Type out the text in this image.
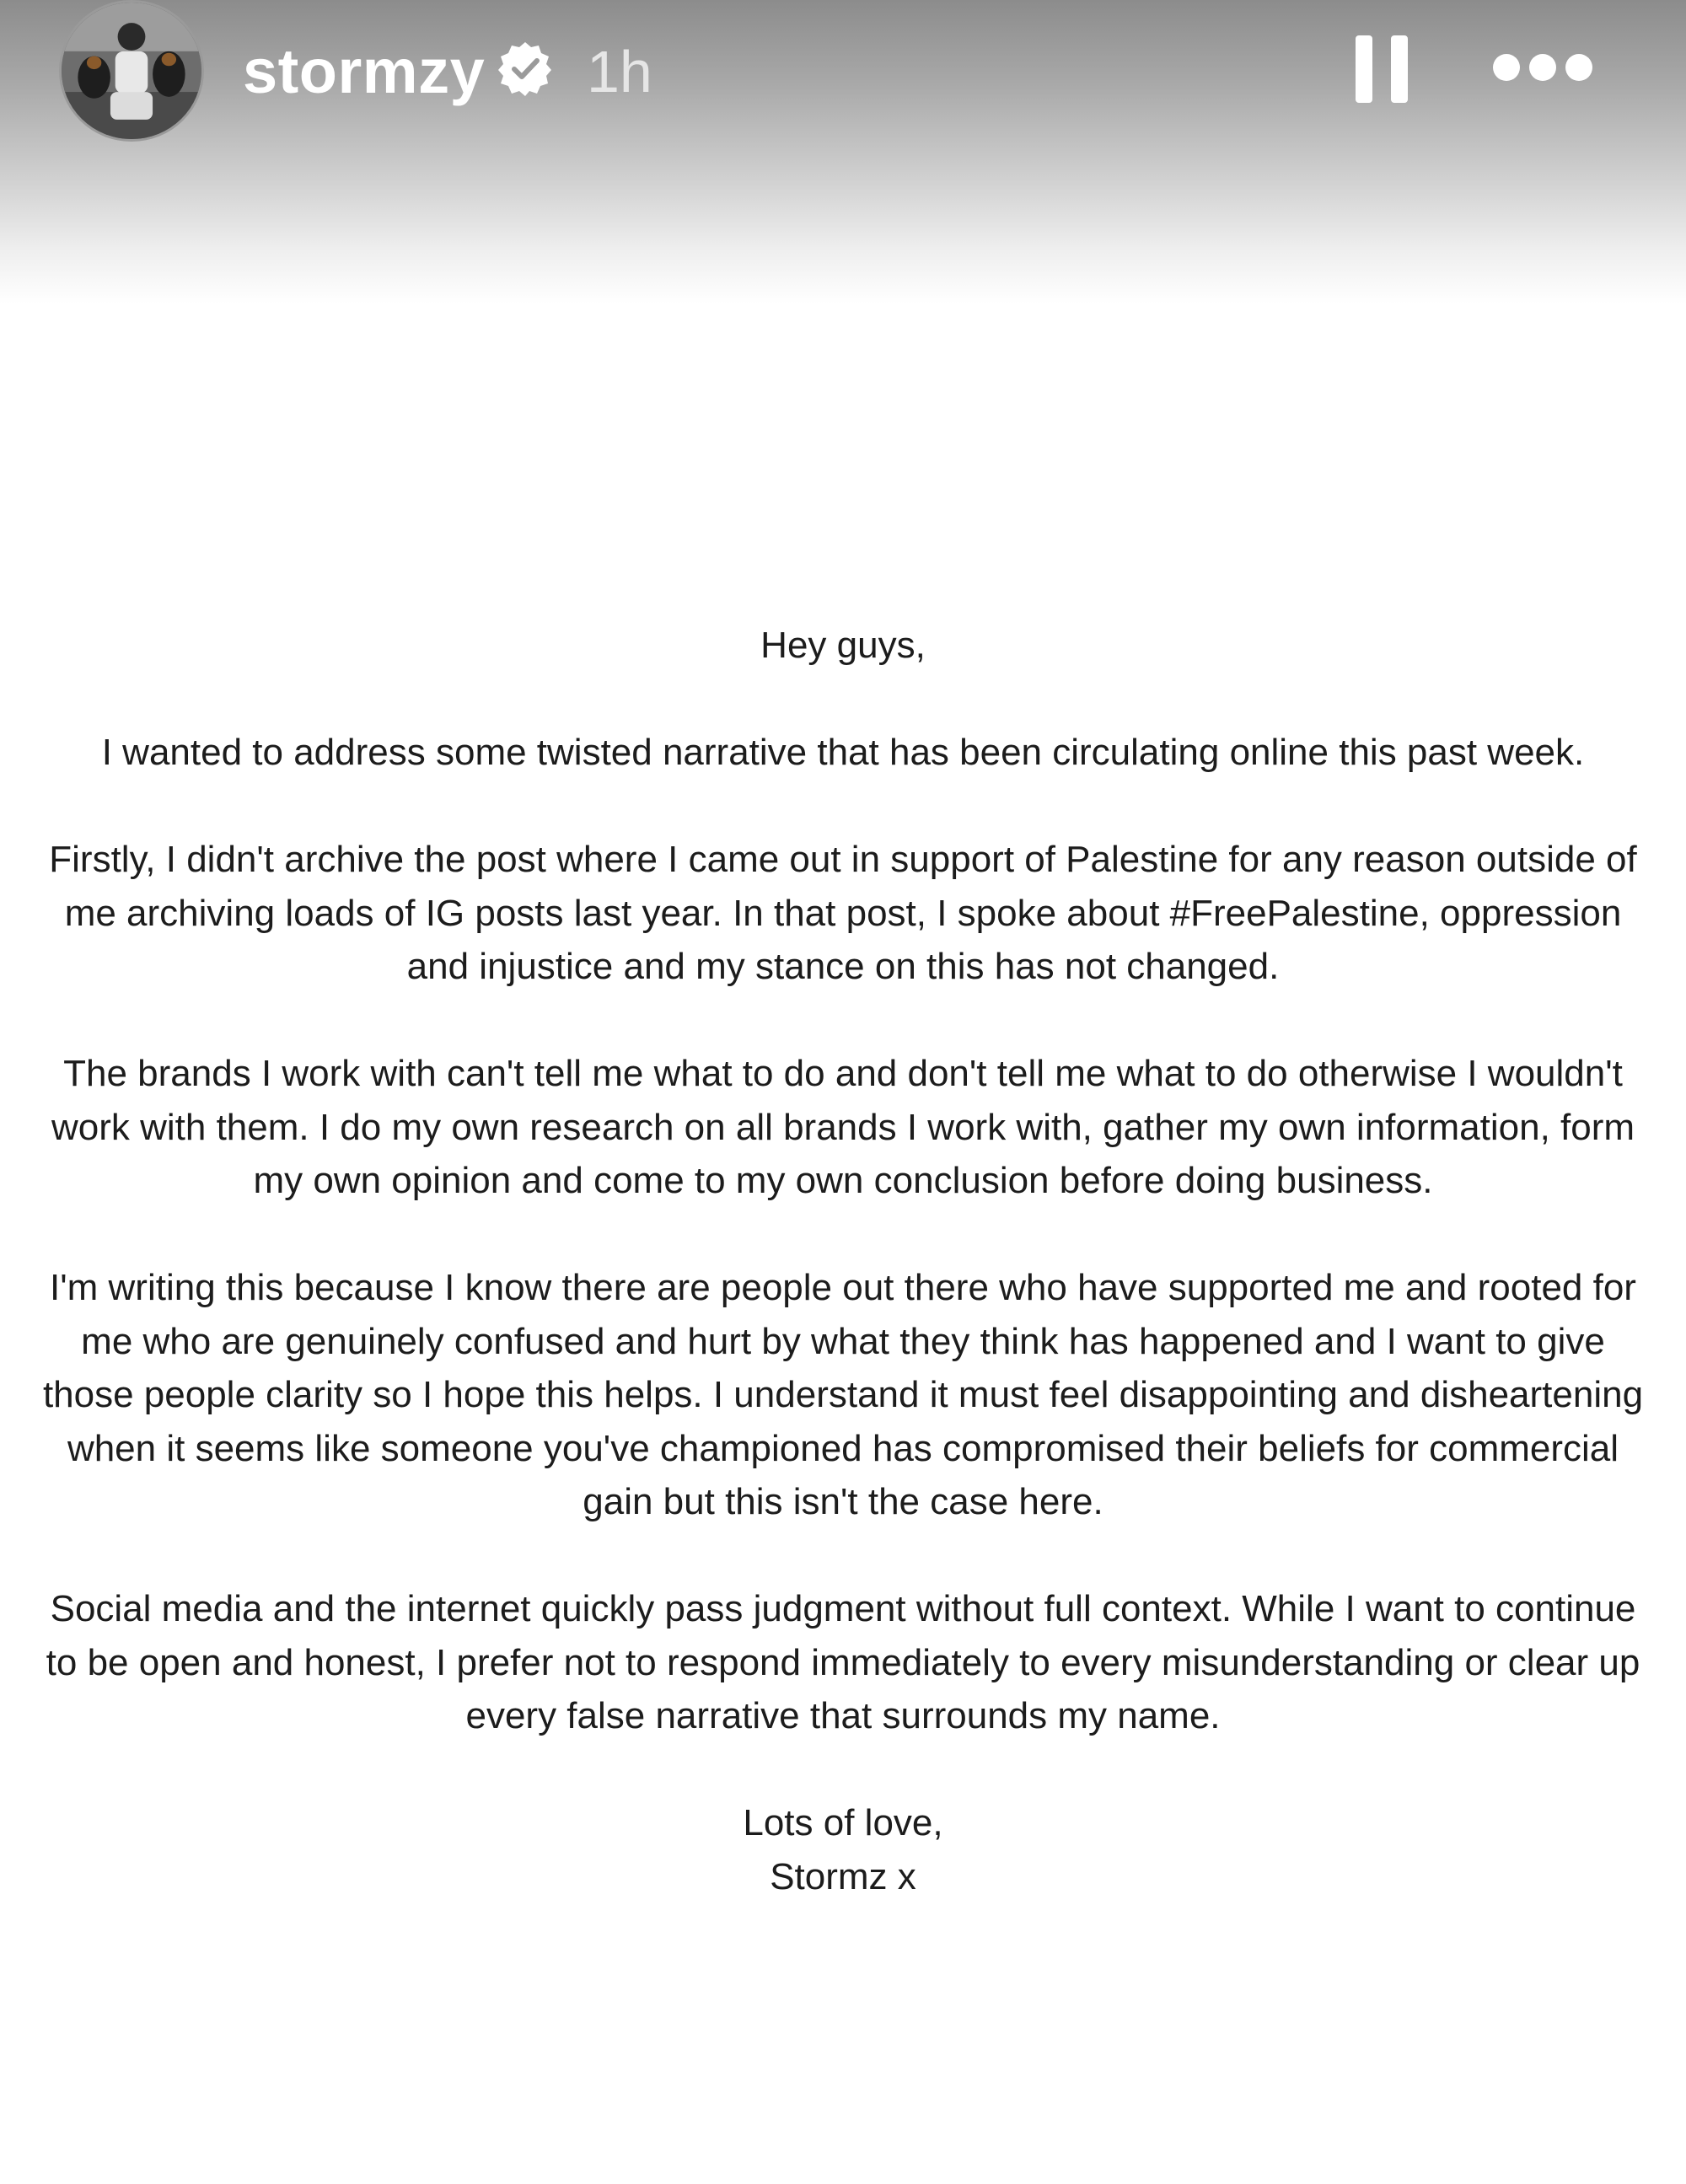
stormzy 1h

Hey guys,

I wanted to address some twisted narrative that has been circulating online this past week.

Firstly, I didn't archive the post where I came out in support of Palestine for any reason outside of me archiving loads of IG posts last year. In that post, I spoke about #FreePalestine, oppression and injustice and my stance on this has not changed.

The brands I work with can't tell me what to do and don't tell me what to do otherwise I wouldn't work with them. I do my own research on all brands I work with, gather my own information, form my own opinion and come to my own conclusion before doing business.

I'm writing this because I know there are people out there who have supported me and rooted for me who are genuinely confused and hurt by what they think has happened and I want to give those people clarity so I hope this helps. I understand it must feel disappointing and disheartening when it seems like someone you've championed has compromised their beliefs for commercial gain but this isn't the case here.

Social media and the internet quickly pass judgment without full context. While I want to continue to be open and honest, I prefer not to respond immediately to every misunderstanding or clear up every false narrative that surrounds my name.

Lots of love,
Stormz x
